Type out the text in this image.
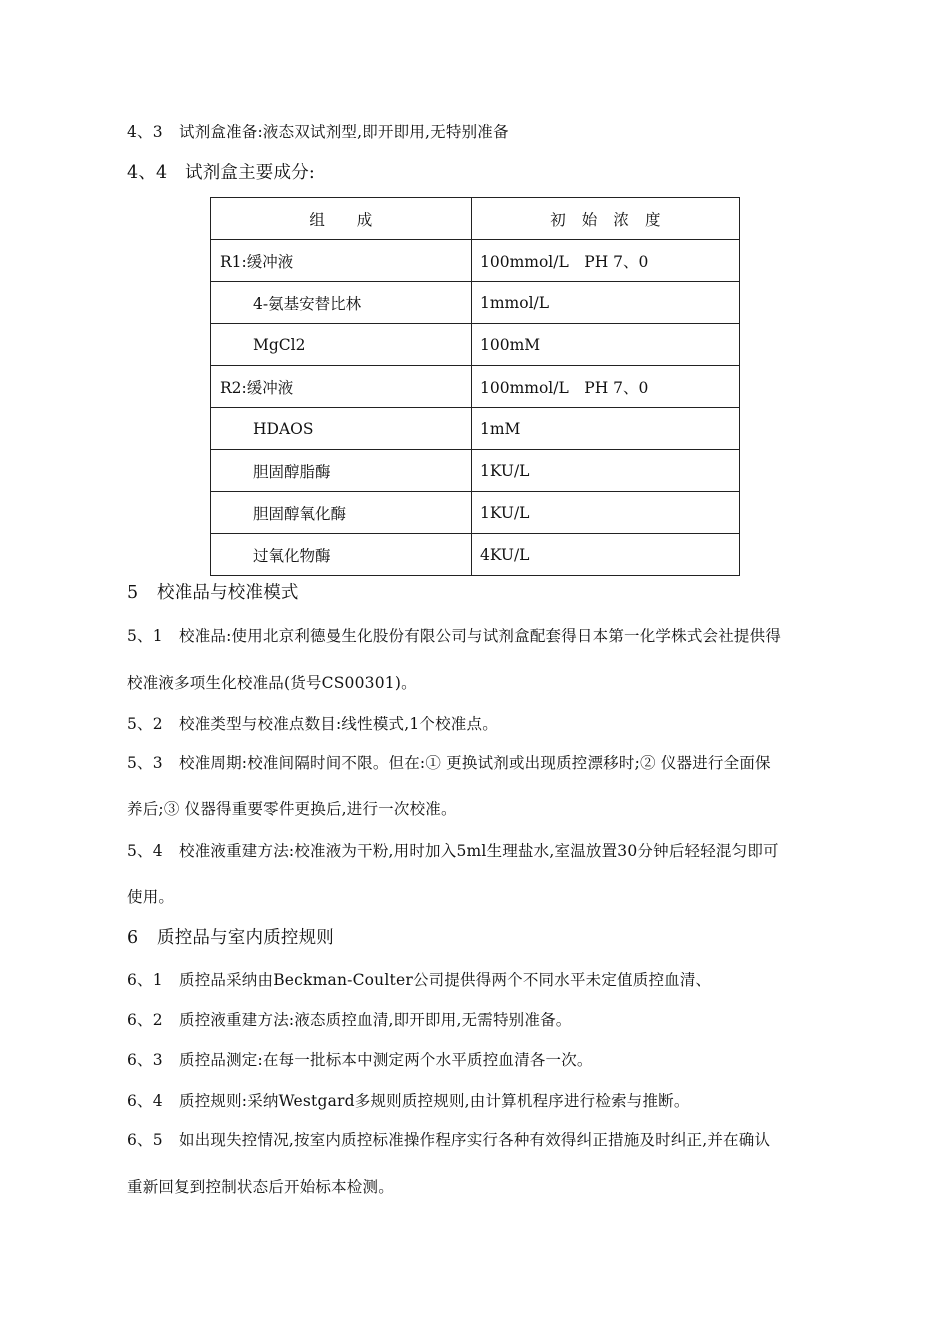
4、3 试剂盒准备:液态双试剂型,即开即用,无特别准备
4、4 试剂盒主要成分:
组　　成	初　始　浓　度
R1:缓冲液	100mmol/L　PH 7、0
4-氨基安替比林	1mmol/L
MgCl2	100mM
R2:缓冲液	100mmol/L　PH 7、0
HDAOS	1mM
胆固醇脂酶	1KU/L
胆固醇氧化酶	1KU/L
过氧化物酶	4KU/L
5 校准品与校准模式
5、1 校准品:使用北京利德曼生化股份有限公司与试剂盒配套得日本第一化学株式会社提供得
校准液多项生化校准品(货号CS00301)。
5、2 校准类型与校准点数目:线性模式,1个校准点。
5、3 校准周期:校准间隔时间不限。但在:① 更换试剂或出现质控漂移时;② 仪器进行全面保
养后;③ 仪器得重要零件更换后,进行一次校准。
5、4 校准液重建方法:校准液为干粉,用时加入5ml生理盐水,室温放置30分钟后轻轻混匀即可
使用。
6 质控品与室内质控规则
6、1 质控品采纳由Beckman-Coulter公司提供得两个不同水平未定值质控血清、
6、2 质控液重建方法:液态质控血清,即开即用,无需特别准备。
6、3 质控品测定:在每一批标本中测定两个水平质控血清各一次。
6、4 质控规则:采纳Westgard多规则质控规则,由计算机程序进行检索与推断。
6、5 如出现失控情况,按室内质控标准操作程序实行各种有效得纠正措施及时纠正,并在确认
重新回复到控制状态后开始标本检测。
